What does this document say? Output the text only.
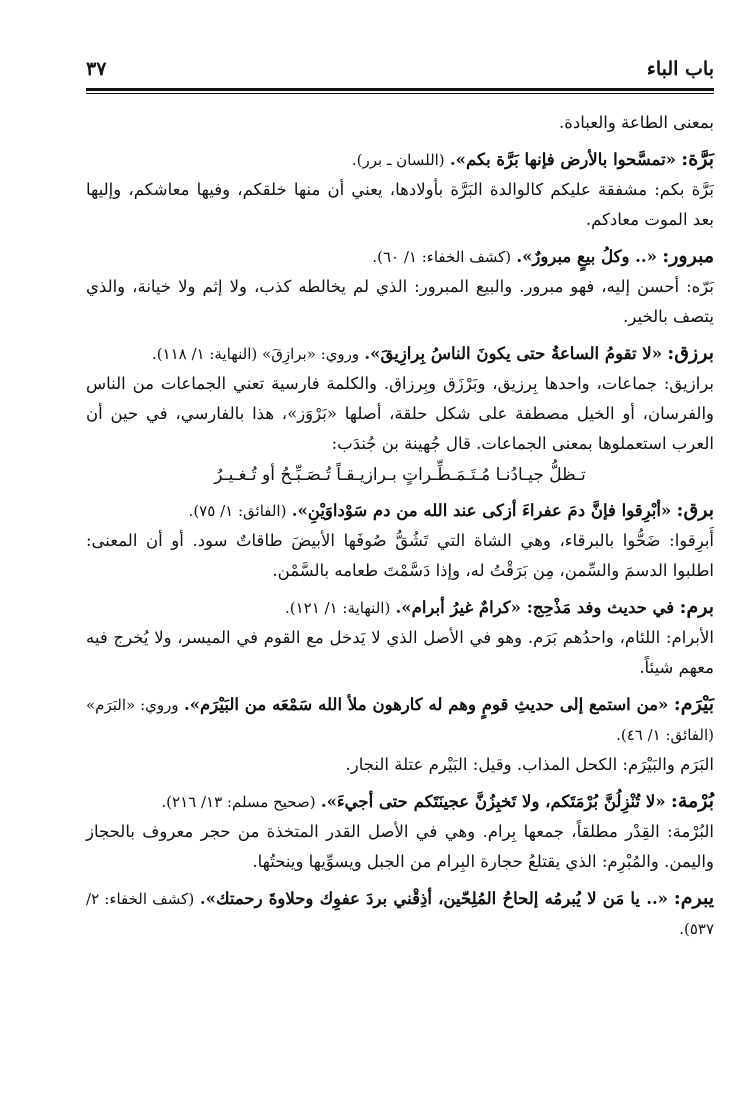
باب الباء
٣٧

بمعنى الطاعة والعبادة.

بَرَّة: «تمسَّحوا بالأرض فإنها بَرَّة بكم». (اللسان ـ برر).

بَرَّة بكم: مشفقة عليكم كالوالدة البَرَّة بأولادها، يعني أن منها خلقكم، وفيها معاشكم، وإليها بعد الموت معادكم.

مبرور: «.. وكلُ بيعٍ مبرورٌ». (كشف الخفاء: ١/ ٦٠).

بَرّه: أحسن إليه، فهو مبرور. والبيع المبرور: الذي لم يخالطه كذب، ولا إثم ولا خيانة، والذي يتصف بالخير.

برزق: «لا تقومُ الساعةُ حتى يكونَ الناسُ بِرازِيقَ». وروي: «برازِقَ» (النهاية: ١/ ١١٨).

برازيق: جماعات، واحدها بِرزيق، وبَرْزَق وبِرزاق. والكلمة فارسية تعني الجماعات من الناس والفرسان، أو الخيل مصطفة على شكل حلقة، أصلها «بَرْوَز»، هذا بالفارسي، في حين أن العرب استعملوها بمعنى الجماعات. قال جُهينة بن جُندَب:

تـظلُّ جيـادُنـا مُـتَـمَـطِّـراتٍ بـرازيـقـاً تُـصَـبِّـحُ أو تُـغـيـرُ

برق: «أبْرِقوا فإنَّ دمَ عفراءَ أزكى عند الله من دم سَوْداوَيْنِ». (الفائق: ١/ ٧٥).

أَبرِقوا: ضَحُّوا بالبرقاء، وهي الشاة التي تَشُقُّ صُوفَها الأبيضَ طاقاتٌ سود. أو أن المعنى: اطلبوا الدسمَ والسِّمن، مِن بَرَقْتُ له، وإذا دَسَّمْتَ طعامه بالسَّمْن.

برم: في حديث وفد مَذْحِج: «كرامٌ غيرُ أبرام». (النهاية: ١/ ١٢١).

الأبرام: اللئام، واحدُهم بَرَم. وهو في الأصل الذي لا يَدخل مع القوم في الميسر، ولا يُخرج فيه معهم شيئاً.

بَيْرَم: «من استمع إلى حديثِ قومٍ وهم له كارهون ملأ الله سَمْعَه من البَيْرَم». وروي: «البَرَم» (الفائق: ١/ ٤٦).

البَرَم والبَيْرَم: الكحل المذاب. وقيل: البَيْرم عتلة النجار.

بُرْمة: «لا تُنْزِلُنَّ بُرْمَتَكم، ولا تَخبِزُنَّ عجينَتَكم حتى أجيءَ». (صحيح مسلم: ١٣/ ٢١٦).

البُرْمة: القِدْر مطلقاً، جمعها بِرام. وهي في الأصل القدر المتخذة من حجر معروف بالحجاز واليمن. والمُبْرِم: الذي يقتلعُ حجارة البِرام من الجبل ويسوِّيها وينحتُها.

يبرم: «.. يا مَن لا يُبرمُه إلحاحُ المُلِحّين، أذِقْني بردَ عفوِك وحلاوةَ رحمتك». (كشف الخفاء: ٢/ ٥٣٧).
